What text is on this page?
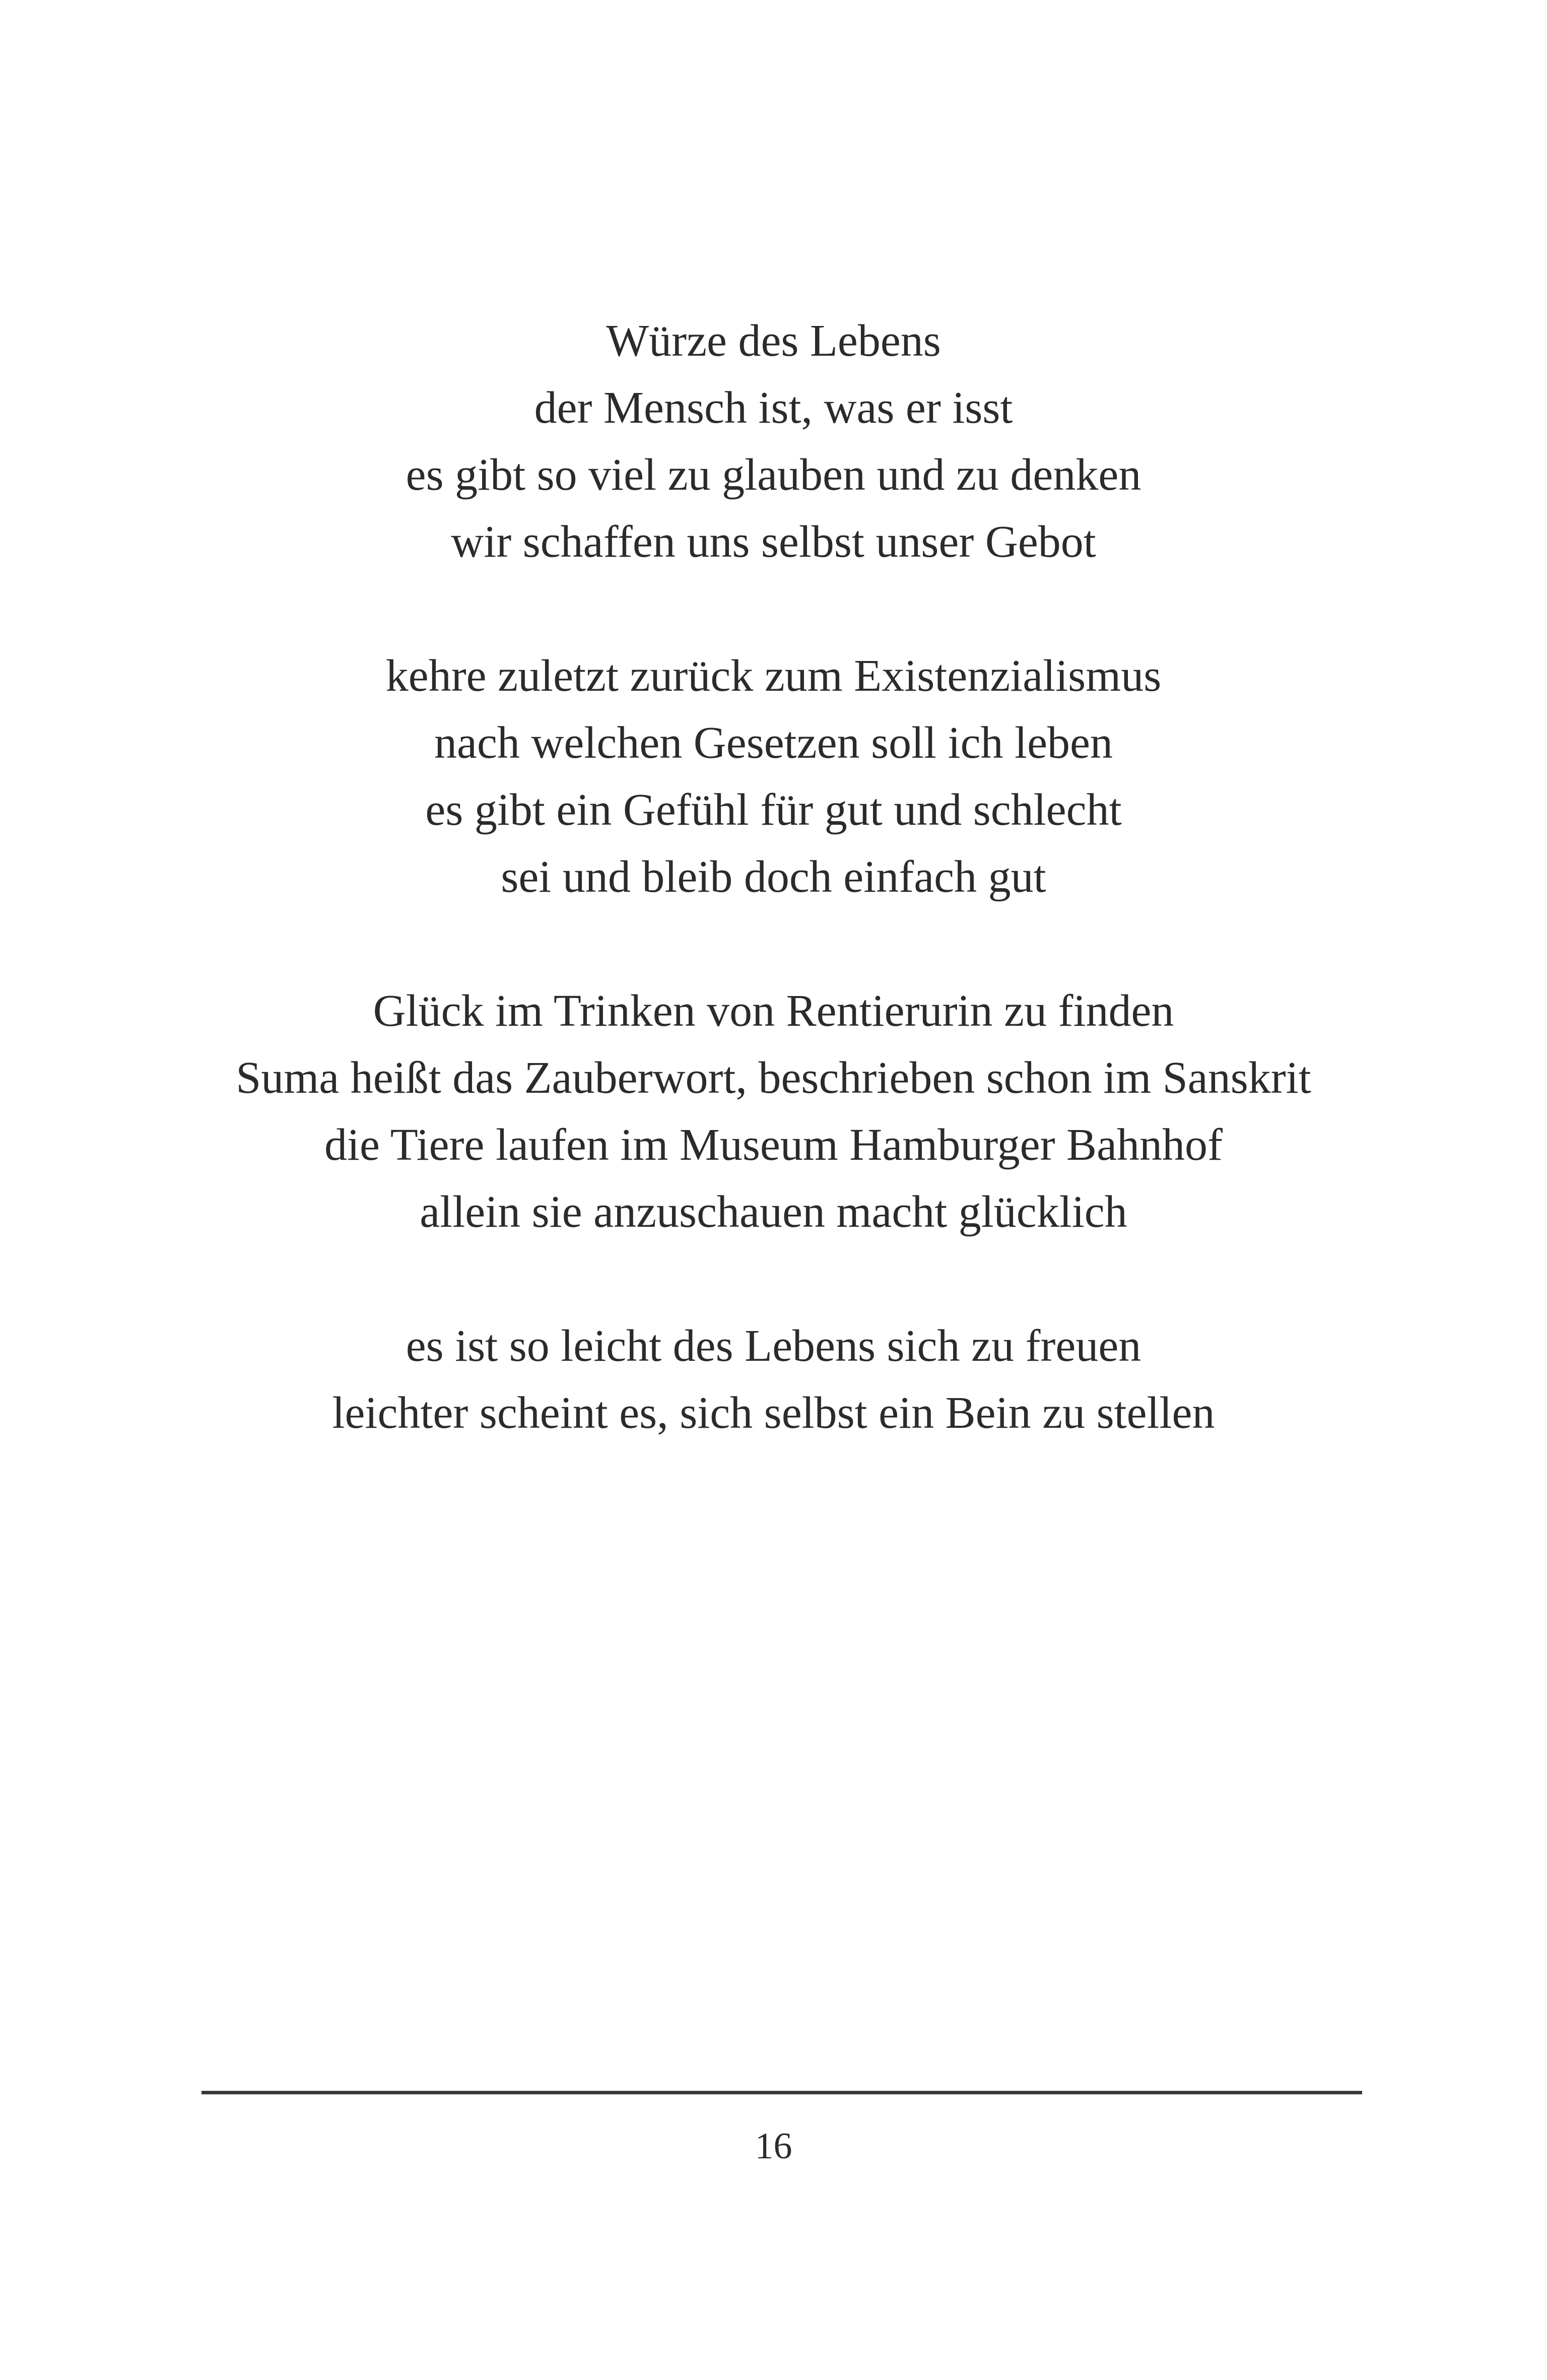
Würze des Lebens
der Mensch ist, was er isst
es gibt so viel zu glauben und zu denken
wir schaffen uns selbst unser Gebot
kehre zuletzt zurück zum Existenzialismus
nach welchen Gesetzen soll ich leben
es gibt ein Gefühl für gut und schlecht
sei und bleib doch einfach gut
Glück im Trinken von Rentierurin zu finden
Suma heißt das Zauberwort, beschrieben schon im Sanskrit
die Tiere laufen im Museum Hamburger Bahnhof
allein sie anzuschauen macht glücklich
es ist so leicht des Lebens sich zu freuen
leichter scheint es, sich selbst ein Bein zu stellen
16
